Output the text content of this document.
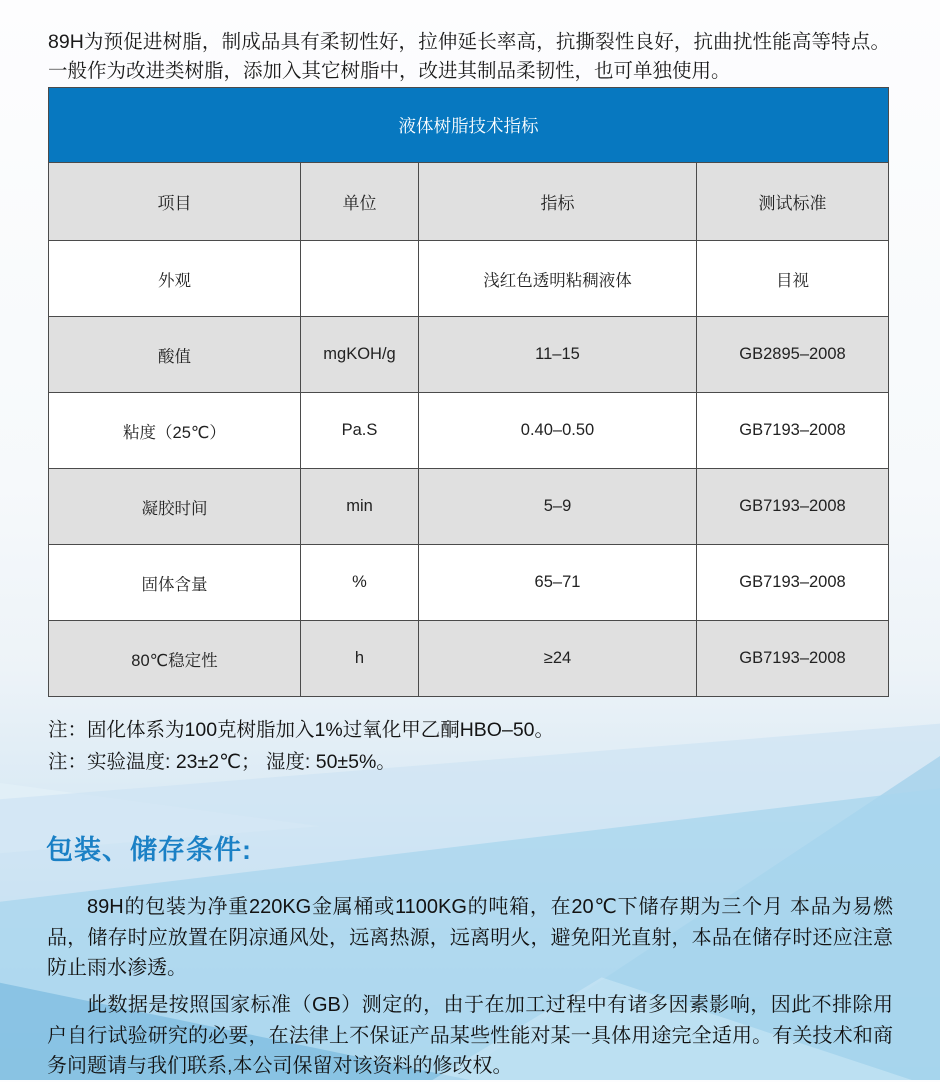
89H为预促进树脂，制成品具有柔韧性好，拉伸延长率高，抗撕裂性良好，抗曲扰性能高等特点。一般作为改进类树脂，添加入其它树脂中，改进其制品柔韧性，也可单独使用。

液体树脂技术指标			
项目	单位	指标	测试标准
外观		浅红色透明粘稠液体	目视
酸值	mgKOH/g	11–15	GB2895–2008
粘度（25℃）	Pa.S	0.40–0.50	GB7193–2008
凝胶时间	min	5–9	GB7193–2008
固体含量	%	65–71	GB7193–2008
80℃稳定性	h	≥24	GB7193–2008
注：固化体系为100克树脂加入1%过氧化甲乙酮HBO–50。
注：实验温度: 23±2℃； 湿度: 50±5%。
包装、储存条件:

89H的包装为净重220KG金属桶或1100KG的吨箱，在20℃下储存期为三个月 本品为易燃品，储存时应放置在阴凉通风处，远离热源，远离明火，避免阳光直射，本品在储存时还应注意防止雨水渗透。

此数据是按照国家标准（GB）测定的，由于在加工过程中有诸多因素影响，因此不排除用户自行试验研究的必要，在法律上不保证产品某些性能对某一具体用途完全适用。有关技术和商务问题请与我们联系,本公司保留对该资料的修改权。
